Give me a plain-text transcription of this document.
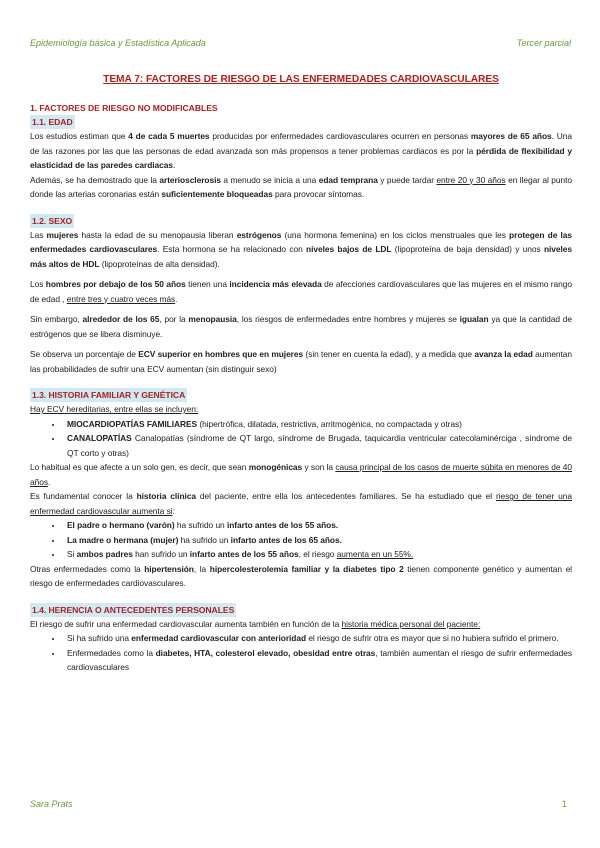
Epidemiología básica y Estadística Aplicada	Tercer parcial
TEMA 7: FACTORES DE RIESGO DE LAS ENFERMEDADES CARDIOVASCULARES
1. FACTORES DE RIESGO NO MODIFICABLES
1.1. EDAD

Los estudios estiman que 4 de cada 5 muertes producidas por enfermedades cardiovasculares ocurren en personas mayores de 65 años. Una de las razones por las que las personas de edad avanzada son más propensos a tener problemas cardiacos es por la pérdida de flexibilidad y elasticidad de las paredes cardiacas.

Además, se ha demostrado que la arteriosclerosis a menudo se inicia a una edad temprana y puede tardar entre 20 y 30 años en llegar al punto donde las arterias coronarias están suficientemente bloqueadas para provocar síntomas.

1.2. SEXO

Las mujeres hasta la edad de su menopausia liberan estrógenos (una hormona femenina) en los ciclos menstruales que les protegen de las enfermedades cardiovasculares. Esta hormona se ha relacionado con niveles bajos de LDL (lipoproteína de baja densidad) y unos niveles más altos de HDL (lipoproteínas de alta densidad).

Los hombres por debajo de los 50 años tienen una incidencia más elevada de afecciones cardiovasculares que las mujeres en el mismo rango de edad , entre tres y cuatro veces más.

Sin embargo, alrededor de los 65, por la menopausia, los riesgos de enfermedades entre hombres y mujeres se igualan ya que la cantidad de estrógenos que se libera disminuye.

Se observa un porcentaje de ECV superior en hombres que en mujeres (sin tener en cuenta la edad), y a medida que avanza la edad aumentan las probabilidades de sufrir una ECV aumentan (sin distinguir sexo)

1.3. HISTORIA FAMILIAR Y GENÉTICA

Hay ECV hereditarias, entre ellas se incluyen:

• MIOCARDIOPATÍAS FAMILIARES (hipertrófica, dilatada, restrictiva, arritmogénica, no compactada y otras)
• CANALOPATÍAS Canalopatías (síndrome de QT largo, síndrome de Brugada, taquicardia ventricular catecolaminérciga , síndrome de QT corto y otras)

Lo habitual es que afecte a un solo gen, es decir, que sean monogénicas y son la causa principal de los casos de muerte súbita en menores de 40 años.

Es fundamental conocer la historia clínica del paciente, entre ella los antecedentes familiares. Se ha estudiado que el riesgo de tener una enfermedad cardiovascular aumenta si:

• El padre o hermano (varón) ha sufrido un infarto antes de los 55 años.
• La madre o hermana (mujer) ha sufrido un infarto antes de los 65 años.
• Si ambos padres han sufrido un infarto antes de los 55 años, el riesgo aumenta en un 55%.

Otras enfermedades como la hipertensión, la hipercolesterolemia familiar y la diabetes tipo 2 tienen componente genético y aumentan el riesgo de enfermedades cardiovasculares.

1.4. HERENCIA O ANTECEDENTES PERSONALES

El riesgo de sufrir una enfermedad cardiovascular aumenta también en función de la historia médica personal del paciente:

• Si ha sufrido una enfermedad cardiovascular con anterioridad el riesgo de sufrir otra es mayor que si no hubiera sufrido el primero.
• Enfermedades como la diabetes, HTA, colesterol elevado, obesidad entre otras, también aumentan el riesgo de sufrir enfermedades cardiovasculares
Sara Prats	1
